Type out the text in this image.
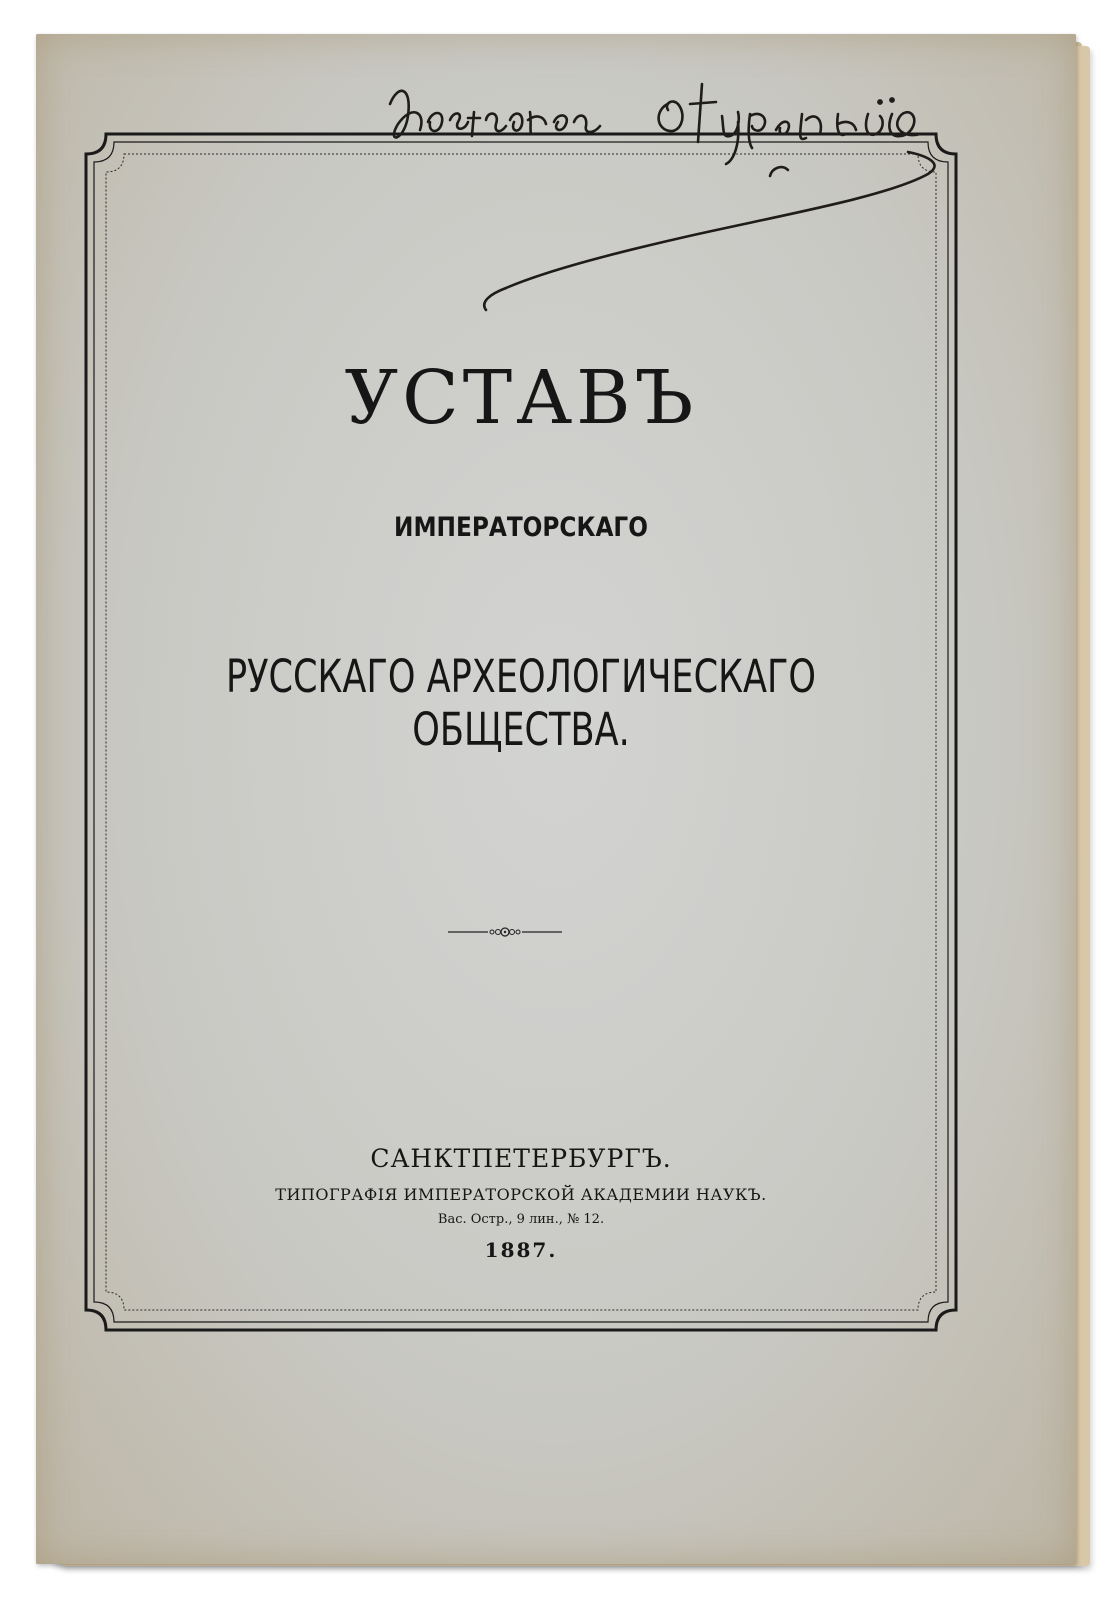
УСТАВЪ
ИМПЕРАТОРСКАГО
РУССКАГО АРХЕОЛОГИЧЕСКАГО ОБЩЕСТВА.
САНКТПЕТЕРБУРГЪ.
ТИПОГРАФІЯ ИМПЕРАТОРСКОЙ АКАДЕМИИ НАУКЪ.
Вас. Остр., 9 лин., № 12.
1887.
